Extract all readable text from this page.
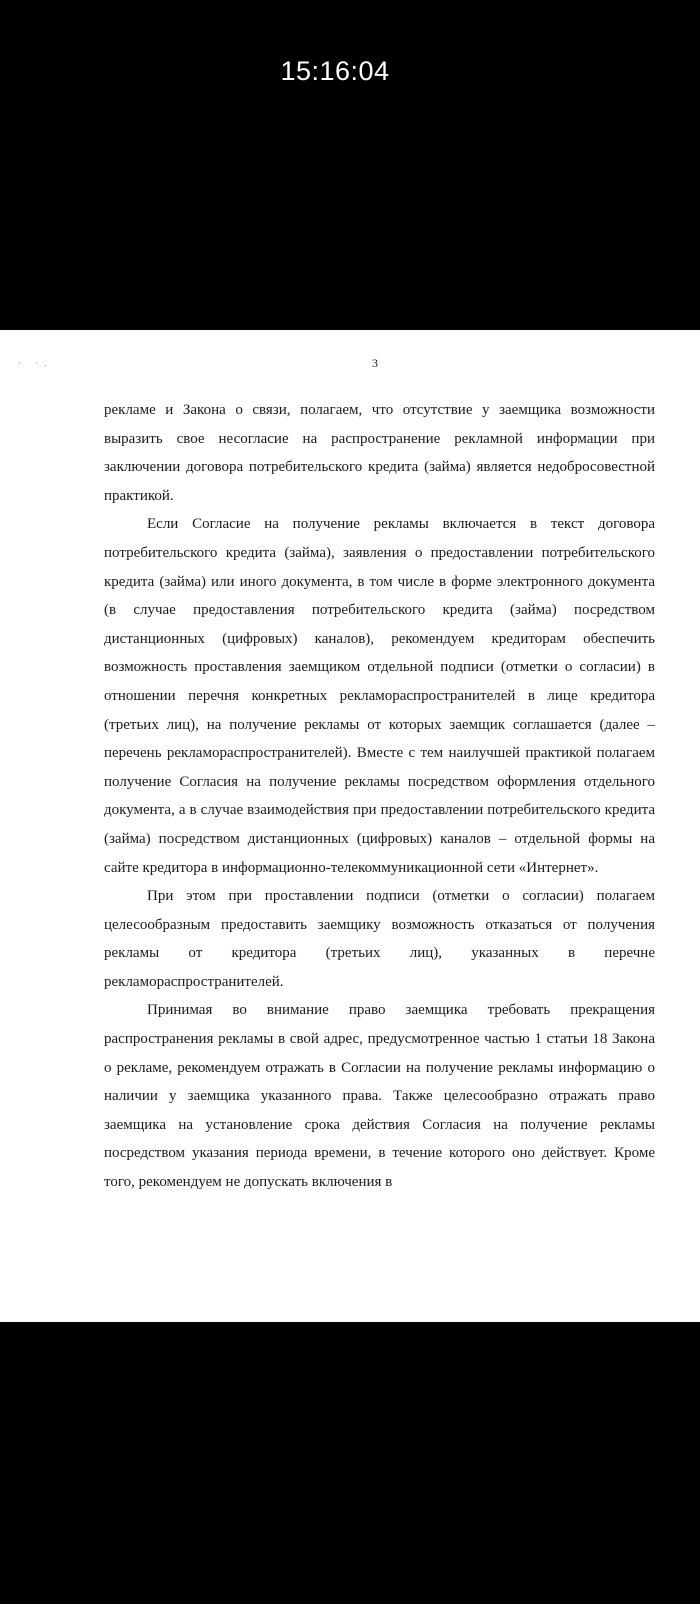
15:16:04
· ·.	3

рекламе и Закона о связи, полагаем, что отсутствие у заемщика возможности выразить свое несогласие на распространение рекламной информации при заключении договора потребительского кредита (займа) является недобросовестной практикой.

Если Согласие на получение рекламы включается в текст договора потребительского кредита (займа), заявления о предоставлении потребительского кредита (займа) или иного документа, в том числе в форме электронного документа (в случае предоставления потребительского кредита (займа) посредством дистанционных (цифровых) каналов), рекомендуем кредиторам обеспечить возможность проставления заемщиком отдельной подписи (отметки о согласии) в отношении перечня конкретных рекламораспространителей в лице кредитора (третьих лиц), на получение рекламы от которых заемщик соглашается (далее – перечень рекламораспространителей). Вместе с тем наилучшей практикой полагаем получение Согласия на получение рекламы посредством оформления отдельного документа, а в случае взаимодействия при предоставлении потребительского кредита (займа) посредством дистанционных (цифровых) каналов – отдельной формы на сайте кредитора в информационно-телекоммуникационной сети «Интернет».

При этом при проставлении подписи (отметки о согласии) полагаем целесообразным предоставить заемщику возможность отказаться от получения рекламы от кредитора (третьих лиц), указанных в перечне рекламораспространителей.

Принимая во внимание право заемщика требовать прекращения распространения рекламы в свой адрес, предусмотренное частью 1 статьи 18 Закона о рекламе, рекомендуем отражать в Согласии на получение рекламы информацию о наличии у заемщика указанного права. Также целесообразно отражать право заемщика на установление срока действия Согласия на получение рекламы посредством указания периода времени, в течение которого оно действует. Кроме того, рекомендуем не допускать включения в
